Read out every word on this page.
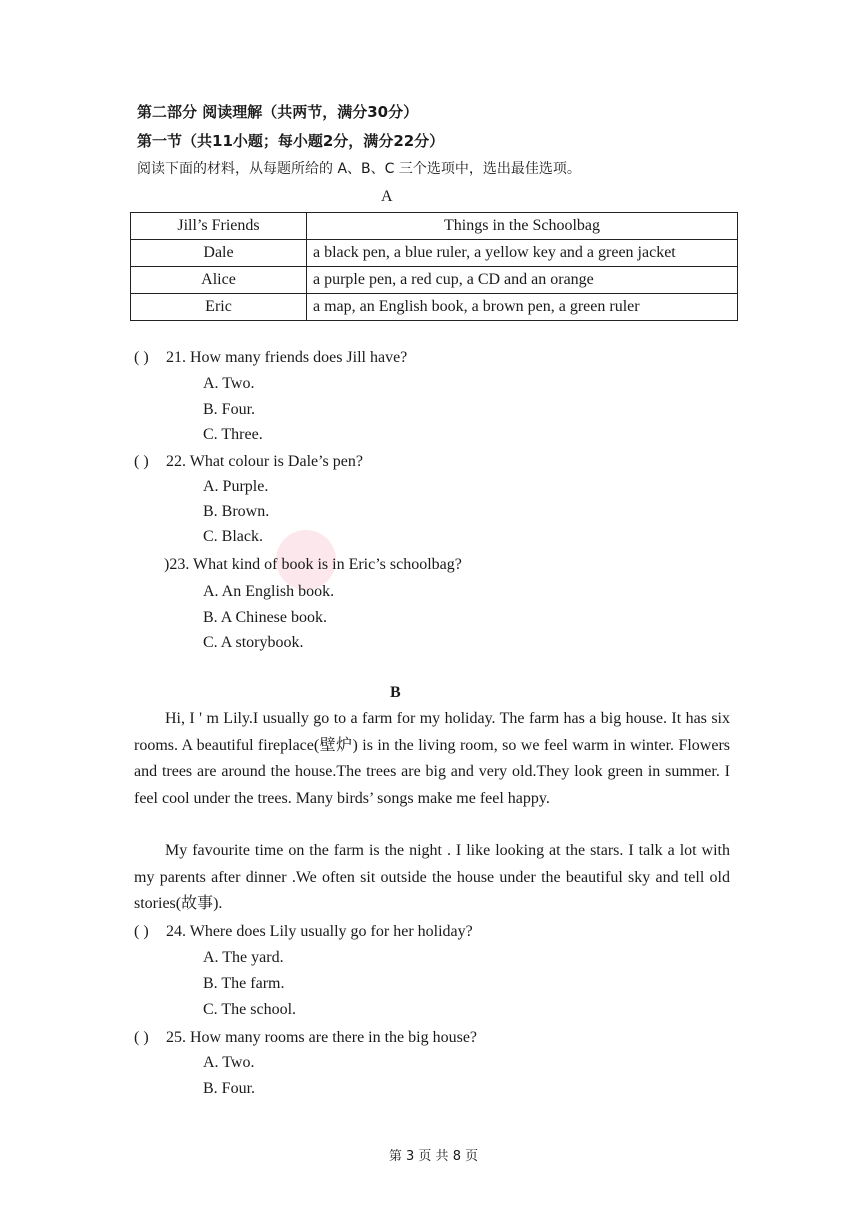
第二部分 阅读理解（共两节，满分30分）
第一节（共11小题；每小题2分，满分22分）
阅读下面的材料，从每题所给的 A、B、C 三个选项中，选出最佳选项。
A
Jill’s Friends	Things in the Schoolbag
Dale	a black pen, a blue ruler, a yellow key and a green jacket
Alice	a purple pen, a red cup, a CD and an orange
Eric	a map, an English book, a brown pen, a green ruler
( ) 21. How many friends does Jill have?
A. Two.
B. Four.
C. Three.
( ) 22. What colour is Dale’s pen?
A. Purple.
B. Brown.
C. Black.
)23. What kind of book is in Eric’s schoolbag?
A. An English book.
B. A Chinese book.
C. A storybook.
B
Hi, I ' m Lily.I usually go to a farm for my holiday. The farm has a big house. It has six rooms. A beautiful fireplace(壁炉) is in the living room, so we feel warm in winter. Flowers and trees are around the house.The trees are big and very old.They look green in summer. I feel cool under the trees. Many birds’ songs make me feel happy.
My favourite time on the farm is the night . I like looking at the stars. I talk a lot with my parents after dinner .We often sit outside the house under the beautiful sky and tell old stories(故事).
( ) 24. Where does Lily usually go for her holiday?
A. The yard.
B. The farm.
C. The school.
( ) 25. How many rooms are there in the big house?
A. Two.
B. Four.
第 3 页 共 8 页
